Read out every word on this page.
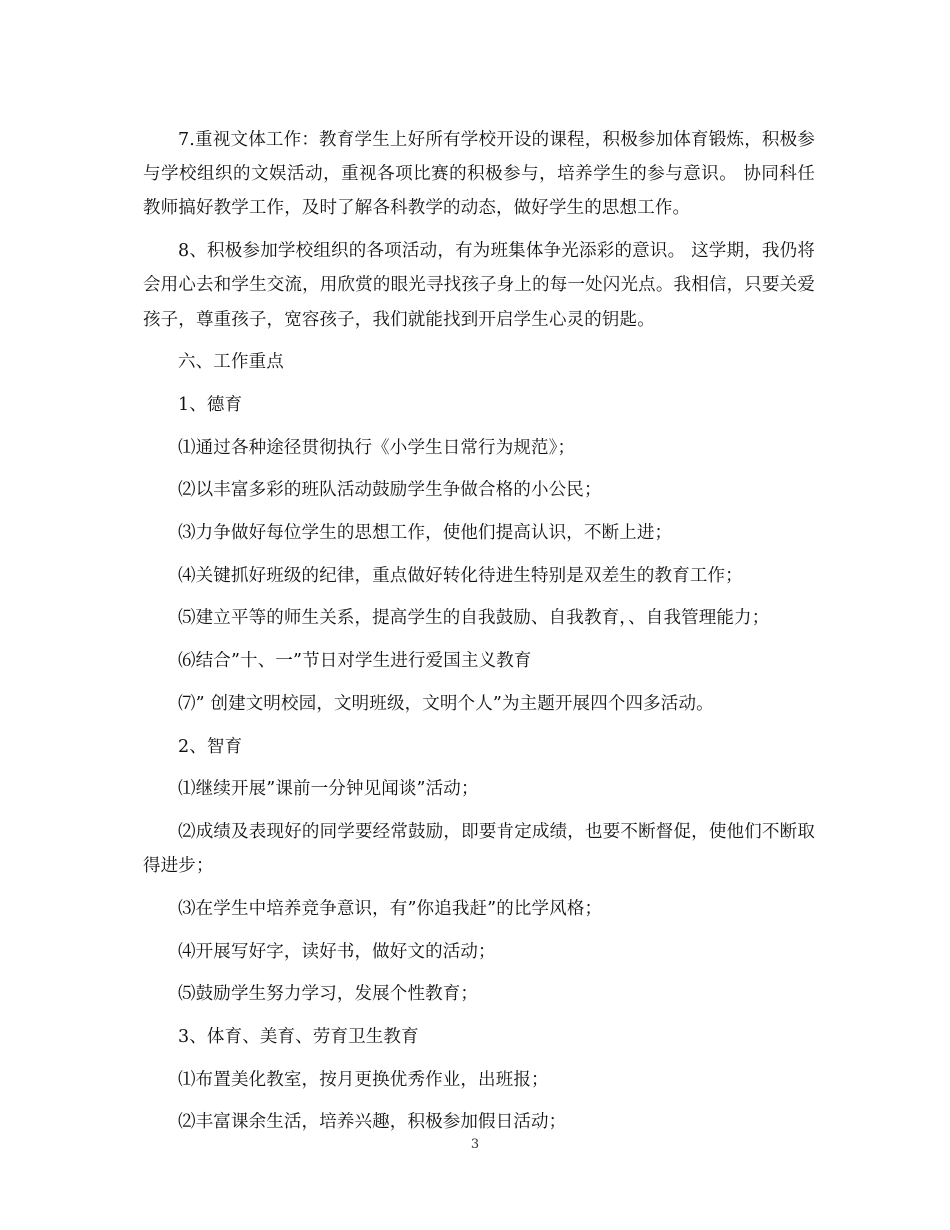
7.重视文体工作：教育学生上好所有学校开设的课程，积极参加体育锻炼，积极参与学校组织的文娱活动，重视各项比赛的积极参与，培养学生的参与意识。 协同科任教师搞好教学工作，及时了解各科教学的动态，做好学生的思想工作。

8、积极参加学校组织的各项活动，有为班集体争光添彩的意识。 这学期，我仍将会用心去和学生交流，用欣赏的眼光寻找孩子身上的每一处闪光点。我相信，只要关爱孩子，尊重孩子，宽容孩子，我们就能找到开启学生心灵的钥匙。

六、工作重点

1、德育

⑴通过各种途径贯彻执行《小学生日常行为规范》；

⑵以丰富多彩的班队活动鼓励学生争做合格的小公民；

⑶力争做好每位学生的思想工作，使他们提高认识，不断上进；

⑷关键抓好班级的纪律，重点做好转化待进生特别是双差生的教育工作；

⑸建立平等的师生关系，提高学生的自我鼓励、自我教育，、自我管理能力；

⑹结合”十、一”节日对学生进行爱国主义教育

⑺” 创建文明校园，文明班级，文明个人”为主题开展四个四多活动。

2、智育

⑴继续开展”课前一分钟见闻谈”活动；

⑵成绩及表现好的同学要经常鼓励，即要肯定成绩，也要不断督促，使他们不断取得进步；

⑶在学生中培养竞争意识，有”你追我赶”的比学风格；

⑷开展写好字，读好书，做好文的活动；

⑸鼓励学生努力学习，发展个性教育；

3、体育、美育、劳育卫生教育

⑴布置美化教室，按月更换优秀作业，出班报；

⑵丰富课余生活，培养兴趣，积极参加假日活动；

3
